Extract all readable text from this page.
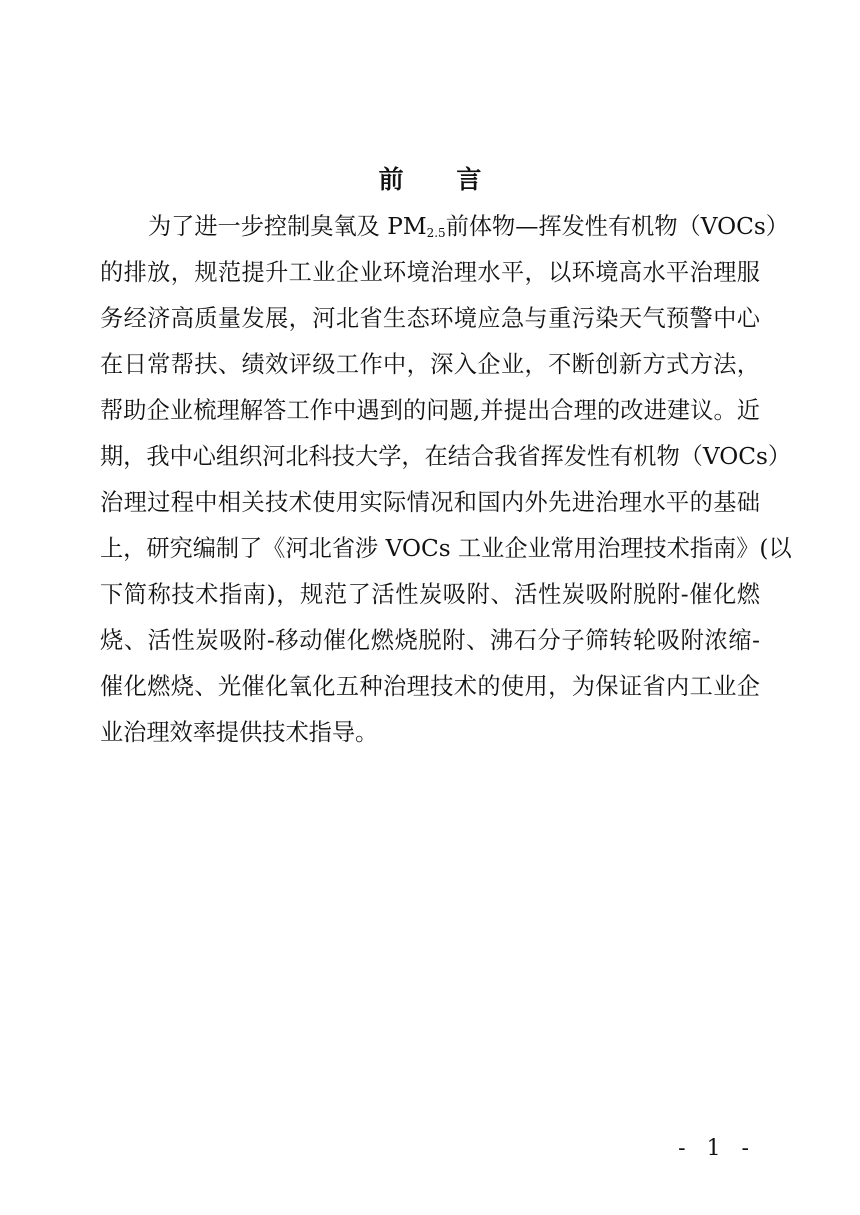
前 言
为了进一步控制臭氧及 $PM_{2.5}$前体物—挥发性有机物（VOCs）
的排放，规范提升工业企业环境治理水平，以环境高水平治理服
务经济高质量发展，河北省生态环境应急与重污染天气预警中心
在日常帮扶、绩效评级工作中，深入企业，不断创新方式方法，
帮助企业梳理解答工作中遇到的问题,并提出合理的改进建议。近
期，我中心组织河北科技大学，在结合我省挥发性有机物（VOCs）
治理过程中相关技术使用实际情况和国内外先进治理水平的基础
上，研究编制了《河北省涉 VOCs 工业企业常用治理技术指南》(以
下简称技术指南)，规范了活性炭吸附、活性炭吸附脱附-催化燃
烧、活性炭吸附-移动催化燃烧脱附、沸石分子筛转轮吸附浓缩-
催化燃烧、光催化氧化五种治理技术的使用，为保证省内工业企
业治理效率提供技术指导。
- 1 -
